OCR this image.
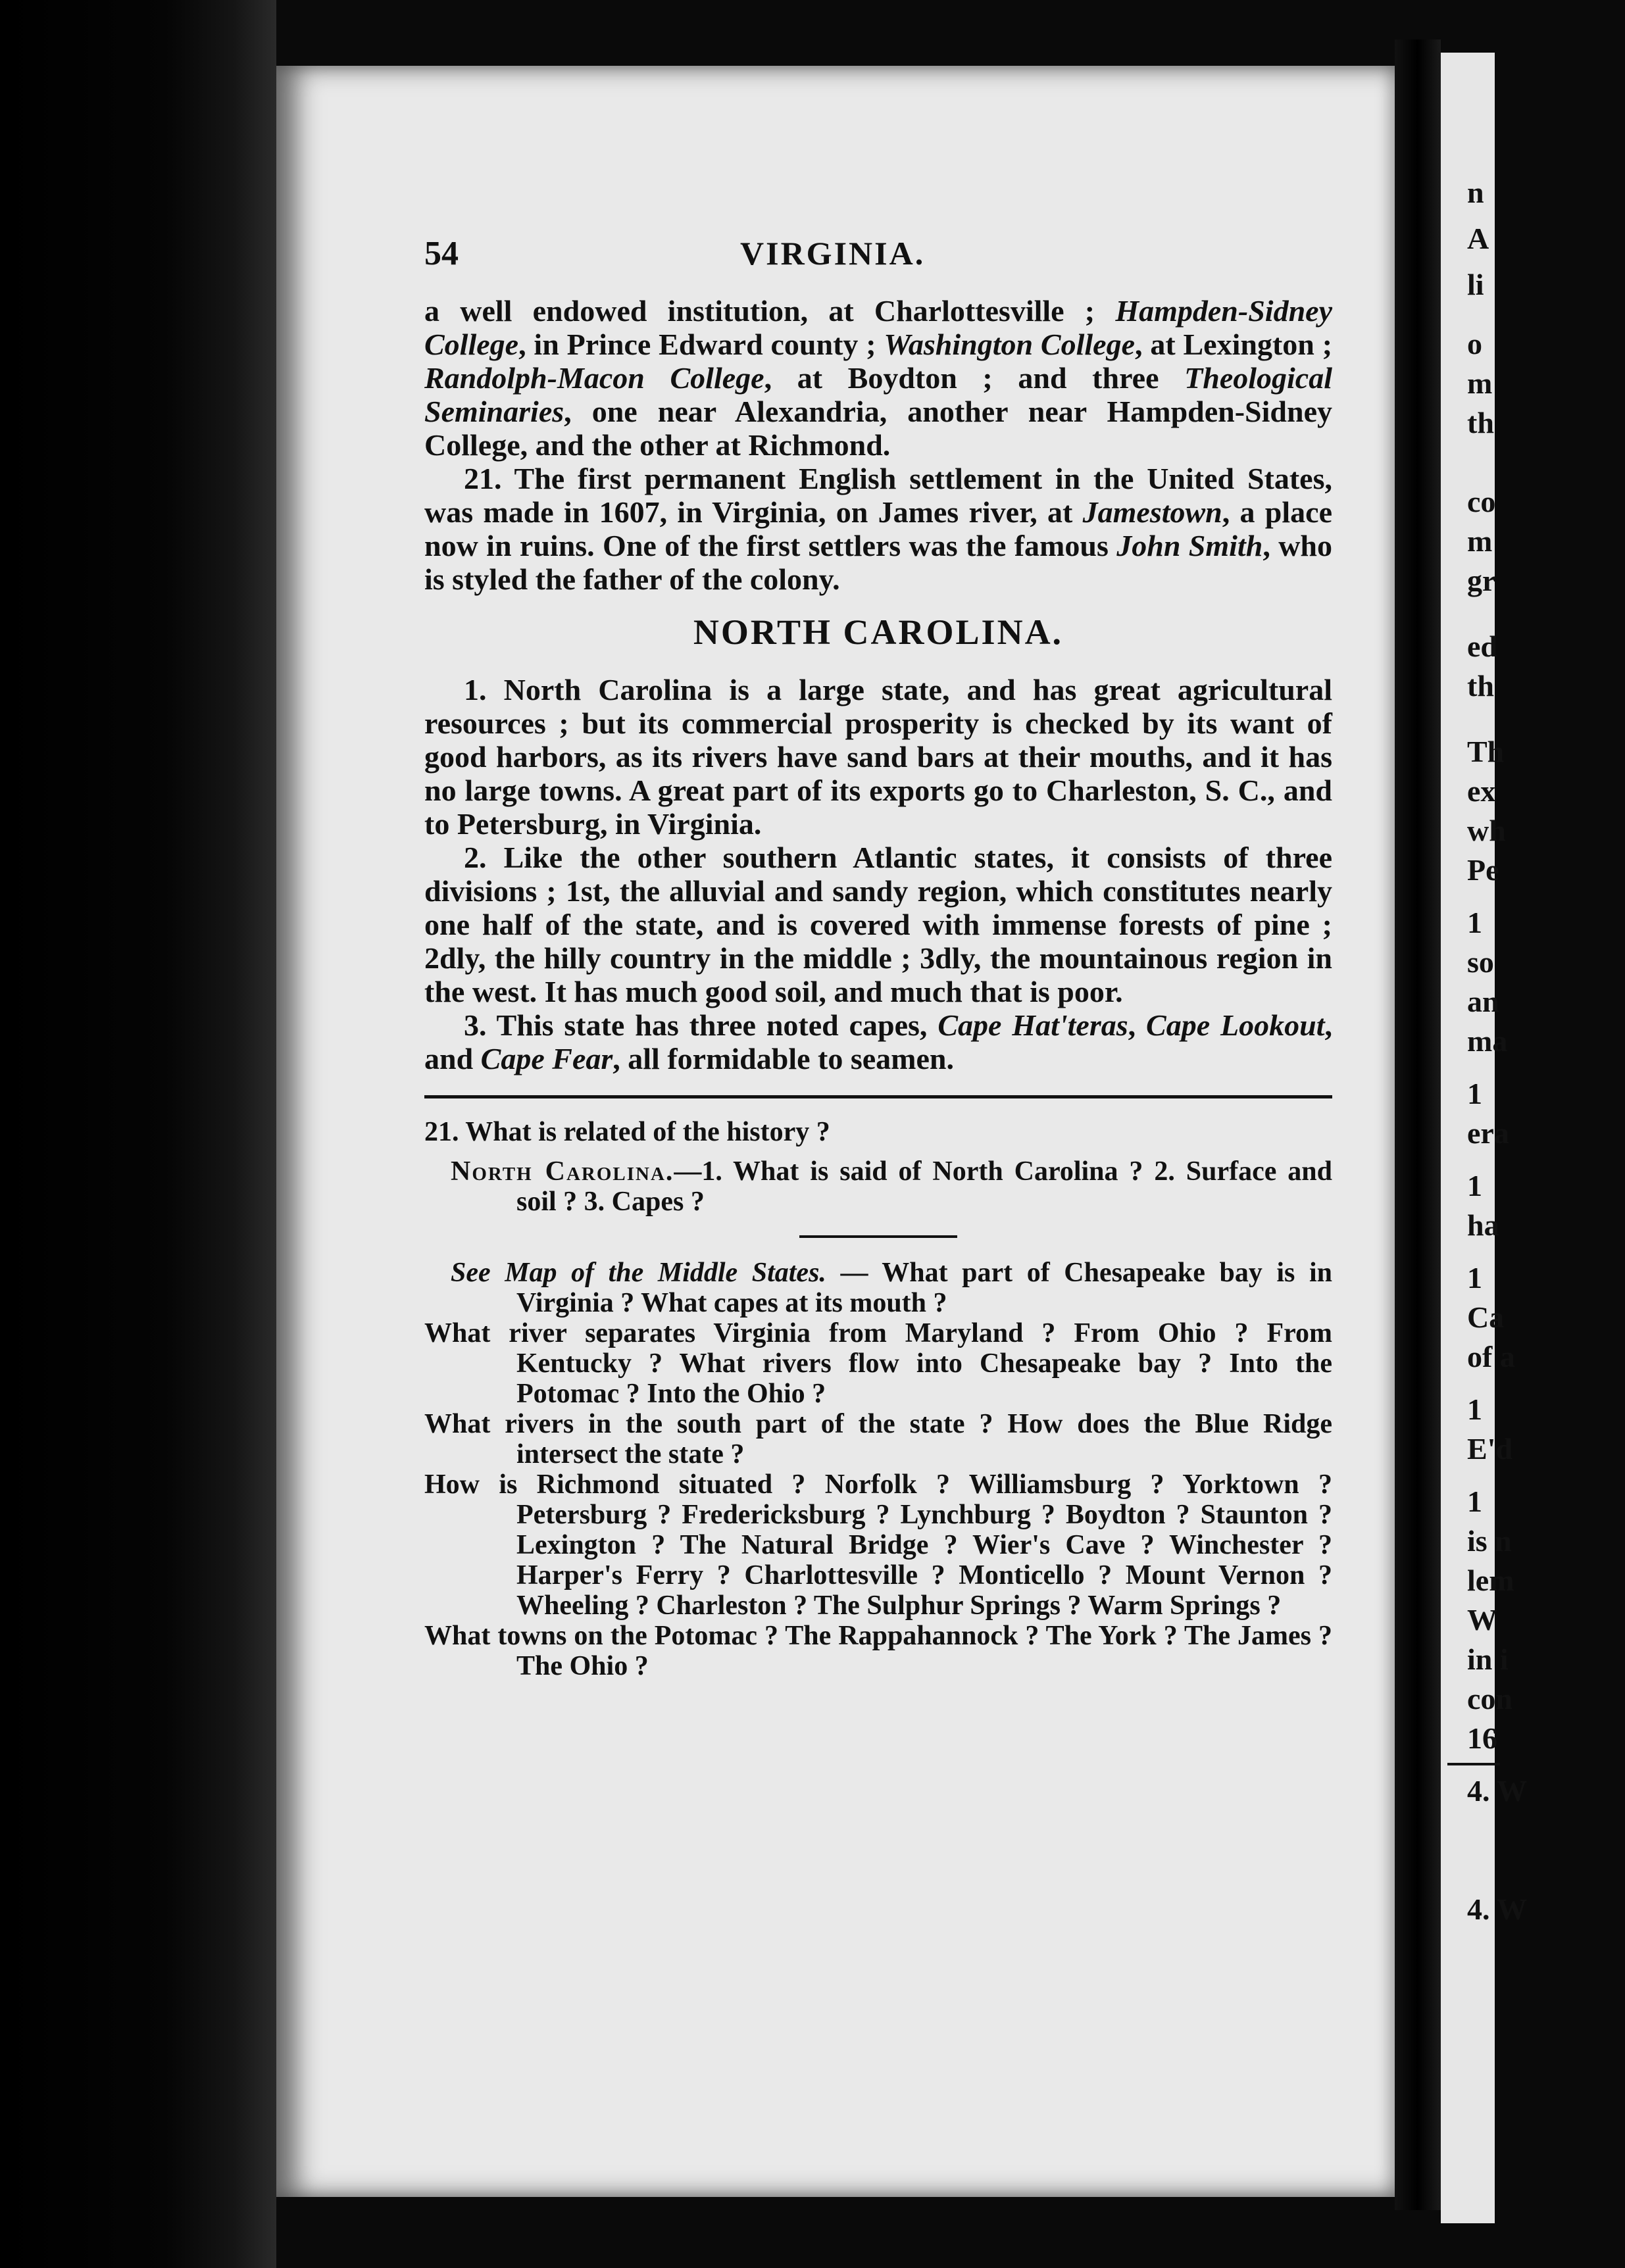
n
A
li
o
m
th
co
m
gr
ed
th
Th
ex
wh
Pe
1
so
an
ma
1
era
1
ha
1
Ca
of a
1
E'd
1
is n
lem
W
in i
con
16
4. W
4. W
54	VIRGINIA.

a well endowed institution, at Charlottesville ; Hampden-Sidney College, in Prince Edward county ; Washington College, at Lexington ; Randolph-Macon College, at Boydton ; and three Theological Seminaries, one near Alexandria, another near Hampden-Sidney College, and the other at Richmond.

21. The first permanent English settlement in the United States, was made in 1607, in Virginia, on James river, at Jamestown, a place now in ruins. One of the first settlers was the famous John Smith, who is styled the father of the colony.

NORTH CAROLINA.

1. North Carolina is a large state, and has great agricultural resources ; but its commercial prosperity is checked by its want of good harbors, as its rivers have sand bars at their mouths, and it has no large towns. A great part of its exports go to Charleston, S. C., and to Petersburg, in Virginia.

2. Like the other southern Atlantic states, it consists of three divisions ; 1st, the alluvial and sandy region, which constitutes nearly one half of the state, and is covered with immense forests of pine ; 2dly, the hilly country in the middle ; 3dly, the mountainous region in the west. It has much good soil, and much that is poor.

3. This state has three noted capes, Cape Hat'teras, Cape Lookout, and Cape Fear, all formidable to seamen.

21. What is related of the history ?

North Carolina.—1. What is said of North Carolina ? 2. Surface and soil ? 3. Capes ?

See Map of the Middle States. — What part of Chesapeake bay is in Virginia ? What capes at its mouth ?

What river separates Virginia from Maryland ? From Ohio ? From Kentucky ? What rivers flow into Chesapeake bay ? Into the Potomac ? Into the Ohio ?

What rivers in the south part of the state ? How does the Blue Ridge intersect the state ?

How is Richmond situated ? Norfolk ? Williamsburg ? Yorktown ? Petersburg ? Fredericksburg ? Lynchburg ? Boydton ? Staunton ? Lexington ? The Natural Bridge ? Wier's Cave ? Winchester ? Harper's Ferry ? Charlottesville ? Monticello ? Mount Vernon ? Wheeling ? Charleston ? The Sulphur Springs ? Warm Springs ?

What towns on the Potomac ? The Rappahannock ? The York ? The James ? The Ohio ?
